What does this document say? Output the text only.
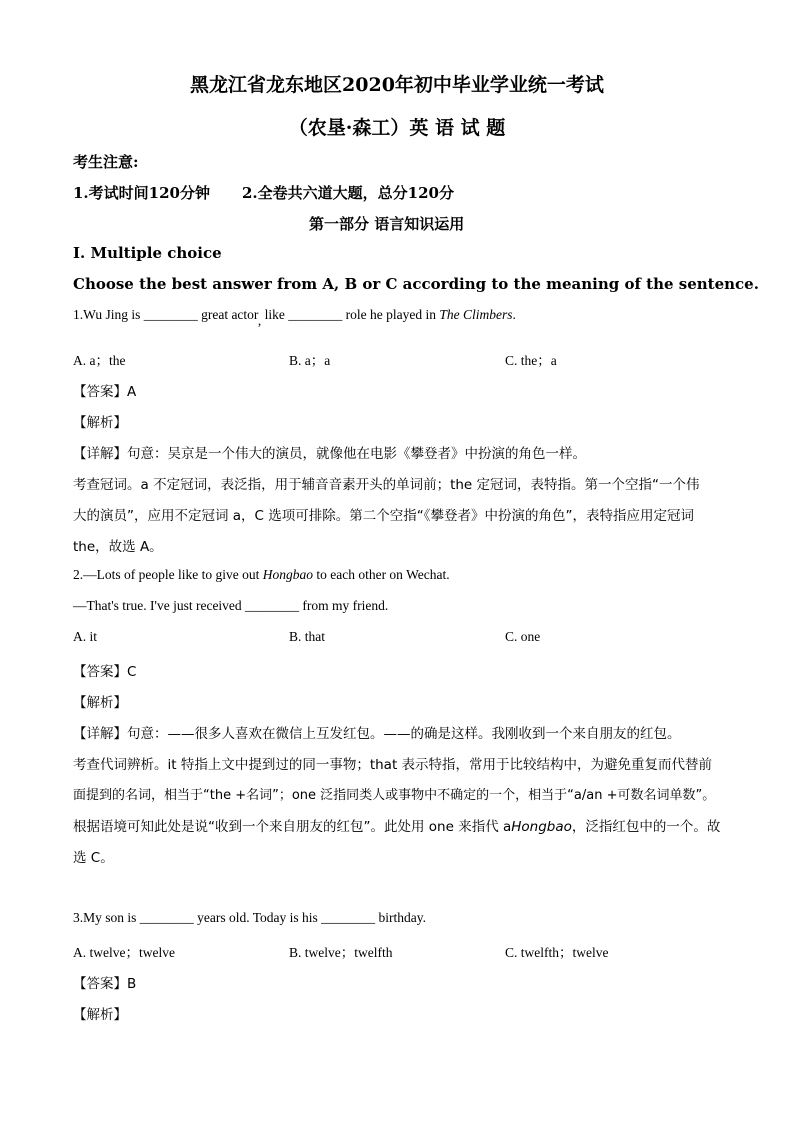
黑龙江省龙东地区2020年初中毕业学业统一考试
（农垦·森工）英 语 试 题
考生注意:
1.考试时间120分钟 2.全卷共六道大题，总分120分
第一部分 语言知识运用
I. Multiple choice
Choose the best answer from A, B or C according to the meaning of the sentence.
1.Wu Jing is ________ great actor, like ________ role he played in The Climbers.
A. a；the	B. a；a	C. the；a
【答案】A
【解析】
【详解】句意：吴京是一个伟大的演员，就像他在电影《攀登者》中扮演的角色一样。
考查冠词。a 不定冠词，表泛指，用于辅音音素开头的单词前；the 定冠词，表特指。第一个空指“一个伟
大的演员”，应用不定冠词 a，C 选项可排除。第二个空指“《攀登者》中扮演的角色”，表特指应用定冠词
the，故选 A。
2.—Lots of people like to give out Hongbao to each other on Wechat.
—That's true. I've just received ________ from my friend.
A. it	B. that	C. one
【答案】C
【解析】
【详解】句意：——很多人喜欢在微信上互发红包。——的确是这样。我刚收到一个来自朋友的红包。
考查代词辨析。it 特指上文中提到过的同一事物；that 表示特指，常用于比较结构中，为避免重复而代替前
面提到的名词，相当于“the +名词”；one 泛指同类人或事物中不确定的一个，相当于“a/an +可数名词单数”。
根据语境可知此处是说“收到一个来自朋友的红包”。此处用 one 来指代 aHongbao，泛指红包中的一个。故
选 C。
3.My son is ________ years old. Today is his ________ birthday.
A. twelve；twelve	B. twelve；twelfth	C. twelfth；twelve
【答案】B
【解析】
